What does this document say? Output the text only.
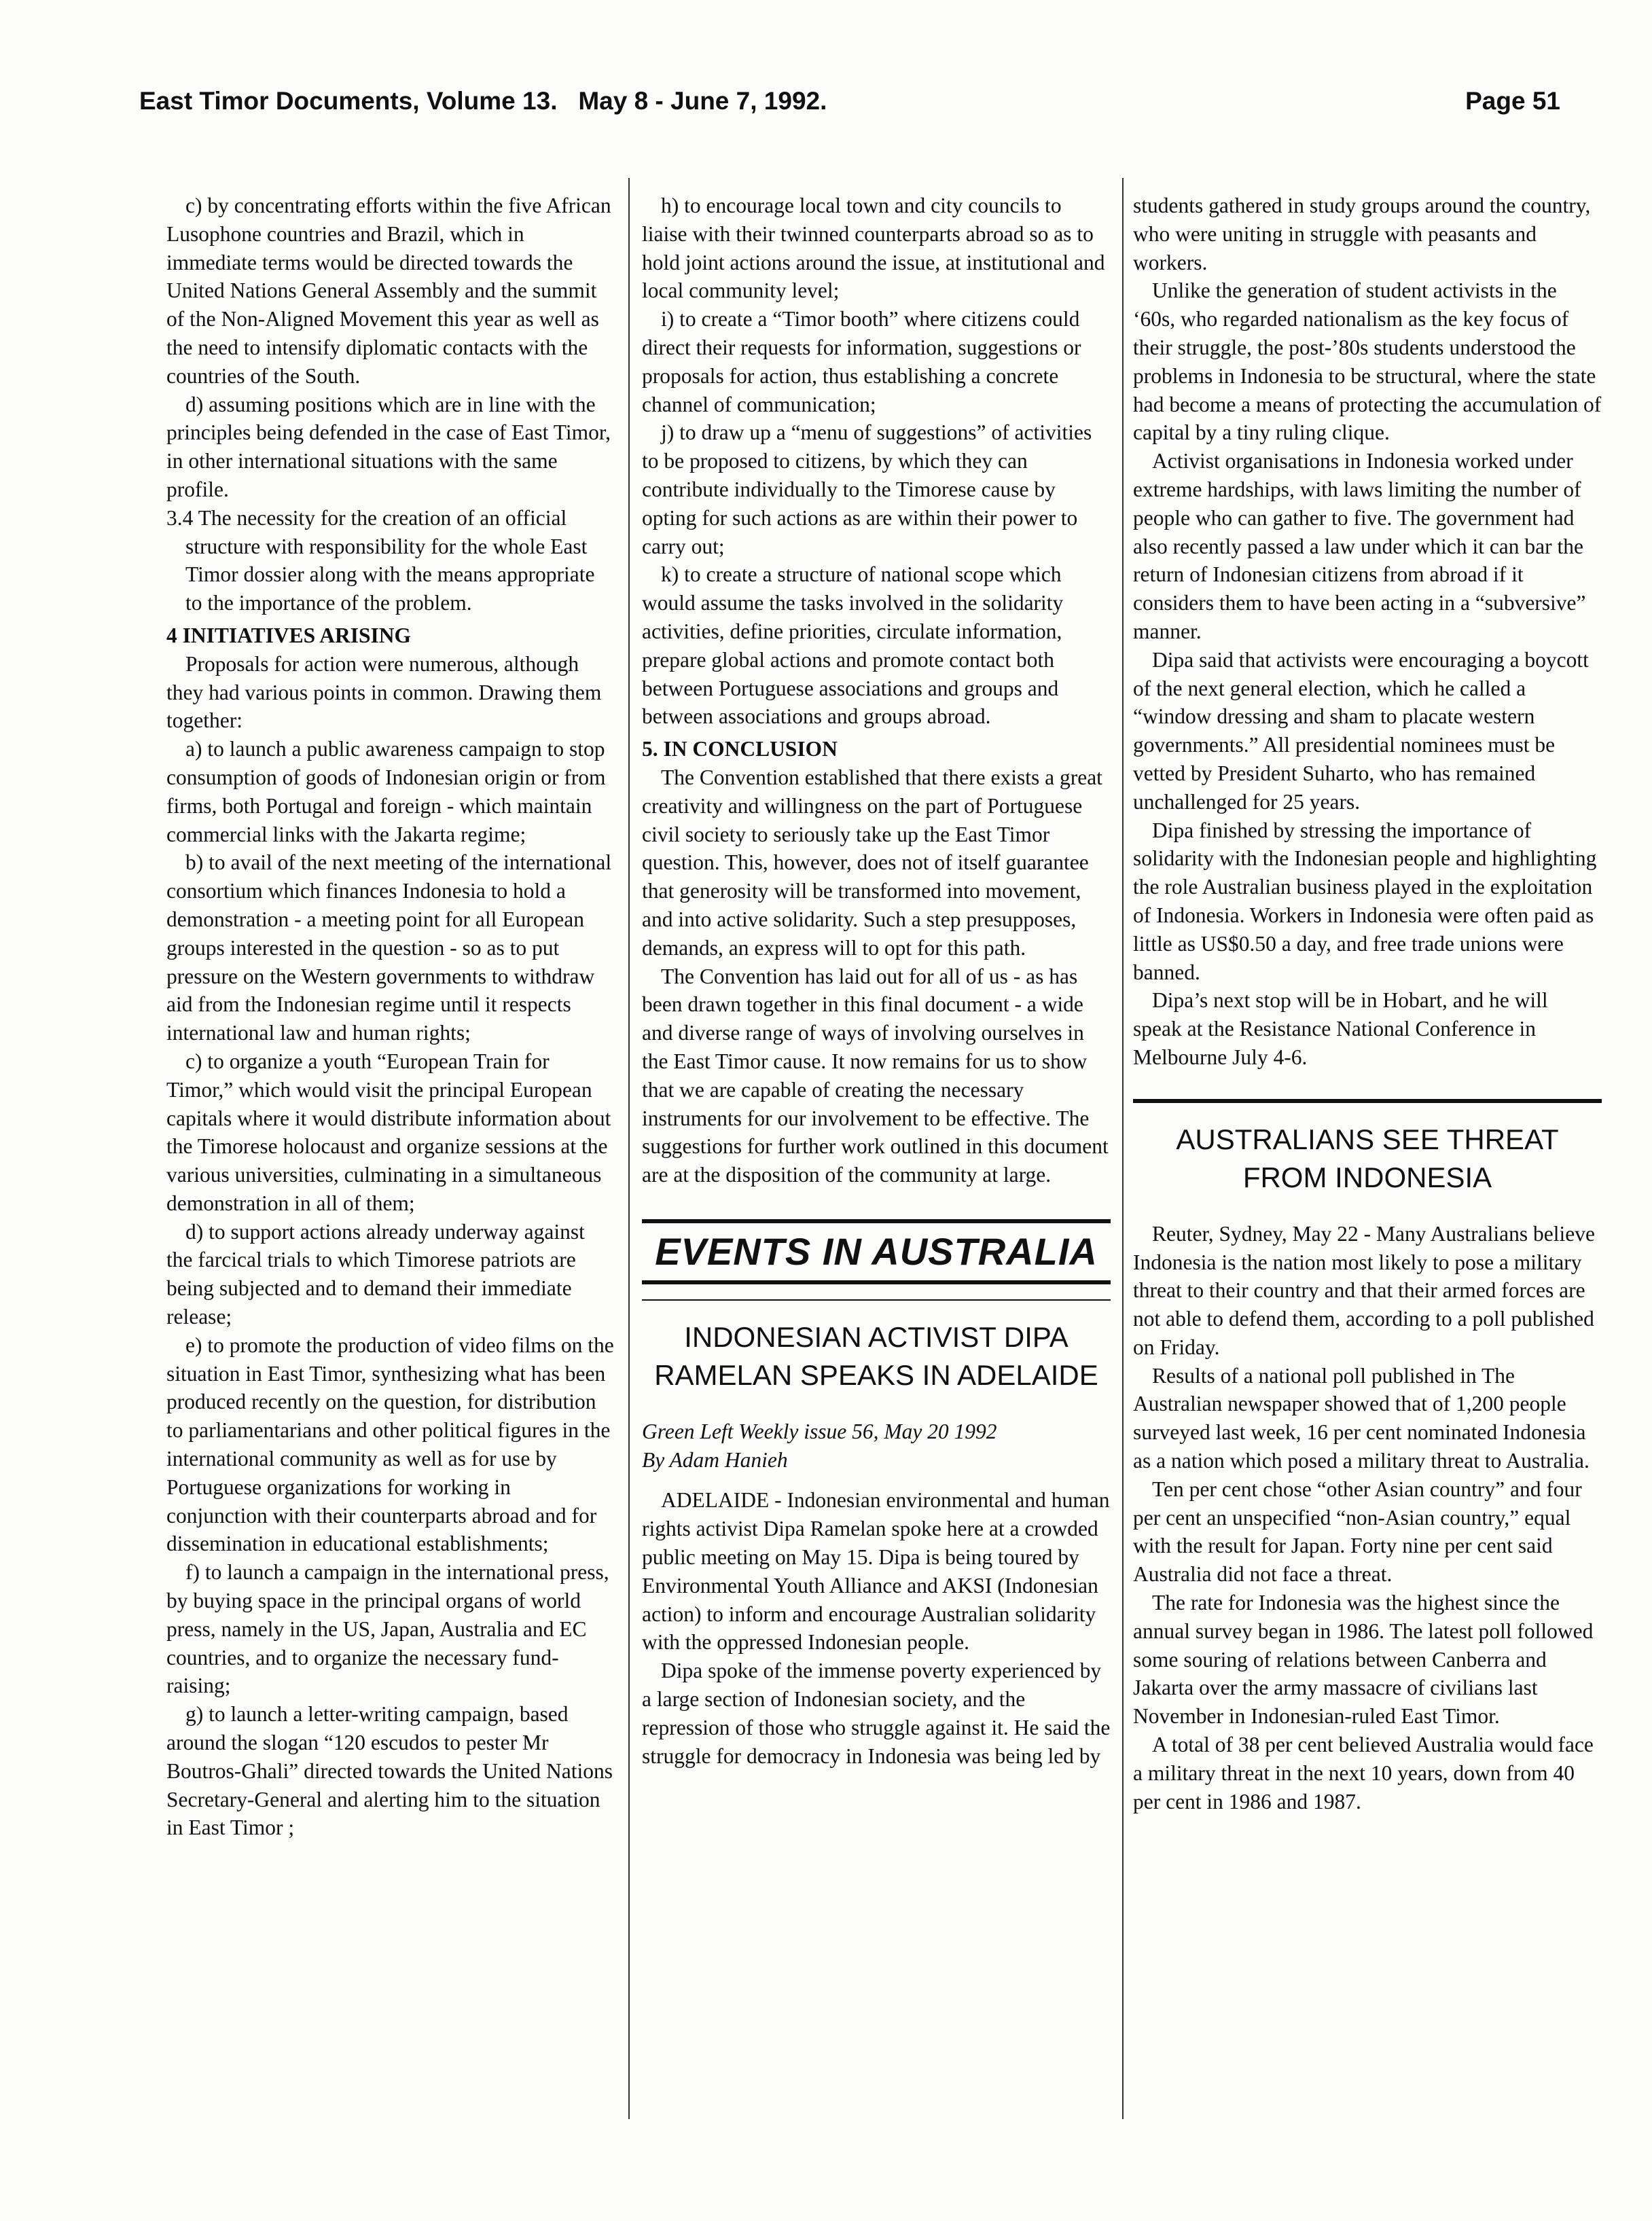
East Timor Documents, Volume 13. May 8 - June 7, 1992.	Page 51

c) by concentrating efforts within the five African Lusophone countries and Brazil, which in immediate terms would be directed towards the United Nations General Assembly and the summit of the Non-Aligned Movement this year as well as the need to intensify diplomatic contacts with the countries of the South.

d) assuming positions which are in line with the principles being defended in the case of East Timor, in other international situations with the same profile.

3.4 The necessity for the creation of an official structure with responsibility for the whole East Timor dossier along with the means appropriate to the importance of the problem.

4 INITIATIVES ARISING

Proposals for action were numerous, although they had various points in common. Drawing them together:

a) to launch a public awareness campaign to stop consumption of goods of Indonesian origin or from firms, both Portugal and foreign - which maintain commercial links with the Jakarta regime;

b) to avail of the next meeting of the international consortium which finances Indonesia to hold a demonstration - a meeting point for all European groups interested in the question - so as to put pressure on the Western governments to withdraw aid from the Indonesian regime until it respects international law and human rights;

c) to organize a youth “European Train for Timor,” which would visit the principal European capitals where it would distribute information about the Timorese holocaust and organize sessions at the various universities, culminating in a simultaneous demonstration in all of them;

d) to support actions already underway against the farcical trials to which Timorese patriots are being subjected and to demand their immediate release;

e) to promote the production of video films on the situation in East Timor, synthesizing what has been produced recently on the question, for distribution to parliamentarians and other political figures in the international community as well as for use by Portuguese organizations for working in conjunction with their counterparts abroad and for dissemination in educational establishments;

f) to launch a campaign in the international press, by buying space in the principal organs of world press, namely in the US, Japan, Australia and EC countries, and to organize the necessary fund- raising;

g) to launch a letter-writing campaign, based around the slogan “120 escudos to pester Mr Boutros-Ghali” directed towards the United Nations Secretary-General and alerting him to the situation in East Timor ;

h) to encourage local town and city councils to liaise with their twinned counterparts abroad so as to hold joint actions around the issue, at institutional and local community level;

i) to create a “Timor booth” where citizens could direct their requests for information, suggestions or proposals for action, thus establishing a concrete channel of communication;

j) to draw up a “menu of suggestions” of activities to be proposed to citizens, by which they can contribute individually to the Timorese cause by opting for such actions as are within their power to carry out;

k) to create a structure of national scope which would assume the tasks involved in the solidarity activities, define priorities, circulate information, prepare global actions and promote contact both between Portuguese associations and groups and between associations and groups abroad.

5. IN CONCLUSION

The Convention established that there exists a great creativity and willingness on the part of Portuguese civil society to seriously take up the East Timor question. This, however, does not of itself guarantee that generosity will be transformed into movement, and into active solidarity. Such a step presupposes, demands, an express will to opt for this path.

The Convention has laid out for all of us - as has been drawn together in this final document - a wide and diverse range of ways of involving ourselves in the East Timor cause. It now remains for us to show that we are capable of creating the necessary instruments for our involvement to be effective. The suggestions for further work outlined in this document are at the disposition of the community at large.

EVENTS IN AUSTRALIA

INDONESIAN ACTIVIST DIPA RAMELAN SPEAKS IN ADELAIDE

Green Left Weekly issue 56, May 20 1992
By Adam Hanieh

ADELAIDE - Indonesian environmental and human rights activist Dipa Ramelan spoke here at a crowded public meeting on May 15. Dipa is being toured by Environmental Youth Alliance and AKSI (Indonesian action) to inform and encourage Australian solidarity with the oppressed Indonesian people.

Dipa spoke of the immense poverty experienced by a large section of Indonesian society, and the repression of those who struggle against it. He said the struggle for democracy in Indonesia was being led by

students gathered in study groups around the country, who were uniting in struggle with peasants and workers.

Unlike the generation of student activists in the ‘60s, who regarded nationalism as the key focus of their struggle, the post-’80s students understood the problems in Indonesia to be structural, where the state had become a means of protecting the accumulation of capital by a tiny ruling clique.

Activist organisations in Indonesia worked under extreme hardships, with laws limiting the number of people who can gather to five. The government had also recently passed a law under which it can bar the return of Indonesian citizens from abroad if it considers them to have been acting in a “subversive” manner.

Dipa said that activists were encouraging a boycott of the next general election, which he called a “window dressing and sham to placate western governments.” All presidential nominees must be vetted by President Suharto, who has remained unchallenged for 25 years.

Dipa finished by stressing the importance of solidarity with the Indonesian people and highlighting the role Australian business played in the exploitation of Indonesia. Workers in Indonesia were often paid as little as US$0.50 a day, and free trade unions were banned.

Dipa’s next stop will be in Hobart, and he will speak at the Resistance National Conference in Melbourne July 4-6.

AUSTRALIANS SEE THREAT FROM INDONESIA

Reuter, Sydney, May 22 - Many Australians believe Indonesia is the nation most likely to pose a military threat to their country and that their armed forces are not able to defend them, according to a poll published on Friday.

Results of a national poll published in The Australian newspaper showed that of 1,200 people surveyed last week, 16 per cent nominated Indonesia as a nation which posed a military threat to Australia.

Ten per cent chose “other Asian country” and four per cent an unspecified “non-Asian country,” equal with the result for Japan. Forty nine per cent said Australia did not face a threat.

The rate for Indonesia was the highest since the annual survey began in 1986. The latest poll followed some souring of relations between Canberra and Jakarta over the army massacre of civilians last November in Indonesian-ruled East Timor.

A total of 38 per cent believed Australia would face a military threat in the next 10 years, down from 40 per cent in 1986 and 1987.
